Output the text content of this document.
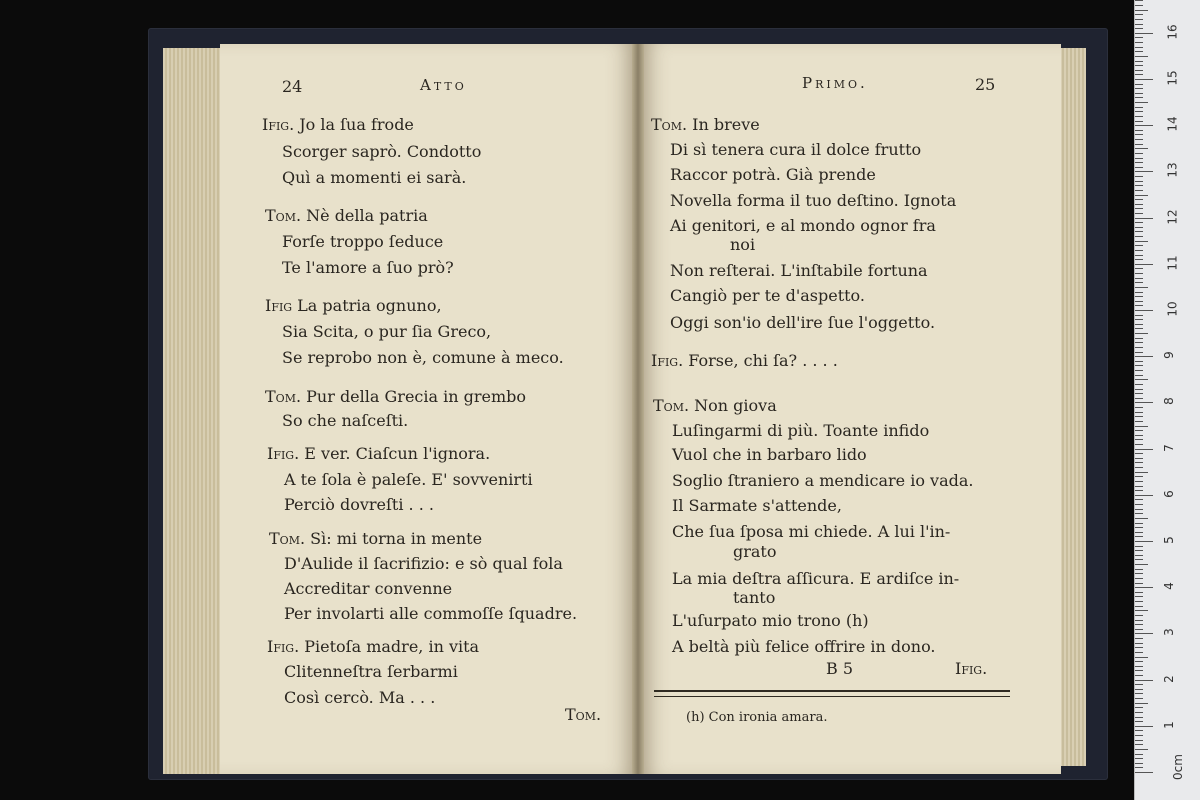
24	Atto
Ifig. Jo la ſua frode
Scorger saprò. Condotto
Quì a momenti ei sarà.
Tom. Nè della patria
Forſe troppo ſeduce
Te l'amore a ſuo prò?
Ifig La patria ognuno,
Sia Scita, o pur ſia Greco,
Se reprobo non è, comune à meco.
Tom. Pur della Grecia in grembo
So che naſceſti.
Ifig. E ver. Ciaſcun l'ignora.
A te ſola è paleſe. E' sovvenirti
Perciò dovreſti . . .
Tom. Sì: mi torna in mente
D'Aulide il ſacrifizio: e sò qual fola
Accreditar convenne
Per involarti alle commoſſe ſquadre.
Ifig. Pietoſa madre, in vita
Clitenneſtra ſerbarmi
Così cercò. Ma . . .
Tom.
Primo.	25
Tom. In breve
Di sì tenera cura il dolce frutto
Raccor potrà. Già prende
Novella forma il tuo deſtino. Ignota
Ai genitori, e al mondo ognor fra
noi
Non reſterai. L'inſtabile fortuna
Cangiò per te d'aspetto.
Oggi son'io dell'ire ſue l'oggetto.
Ifig. Forse, chi ſa? . . . .
Tom. Non giova
Luſingarmi di più. Toante infido
Vuol che in barbaro lido
Soglio ſtraniero a mendicare io vada.
Il Sarmate s'attende,
Che ſua ſposa mi chiede. A lui l'in-
grato
La mia deſtra aſſicura. E ardiſce in-
tanto
L'uſurpato mio trono (h)
A beltà più felice offrire in dono.
B 5	Ifig.
(h) Con ironia amara.
0cm
1
2
3
4
5
6
7
8
9
10
11
12
13
14
15
16
